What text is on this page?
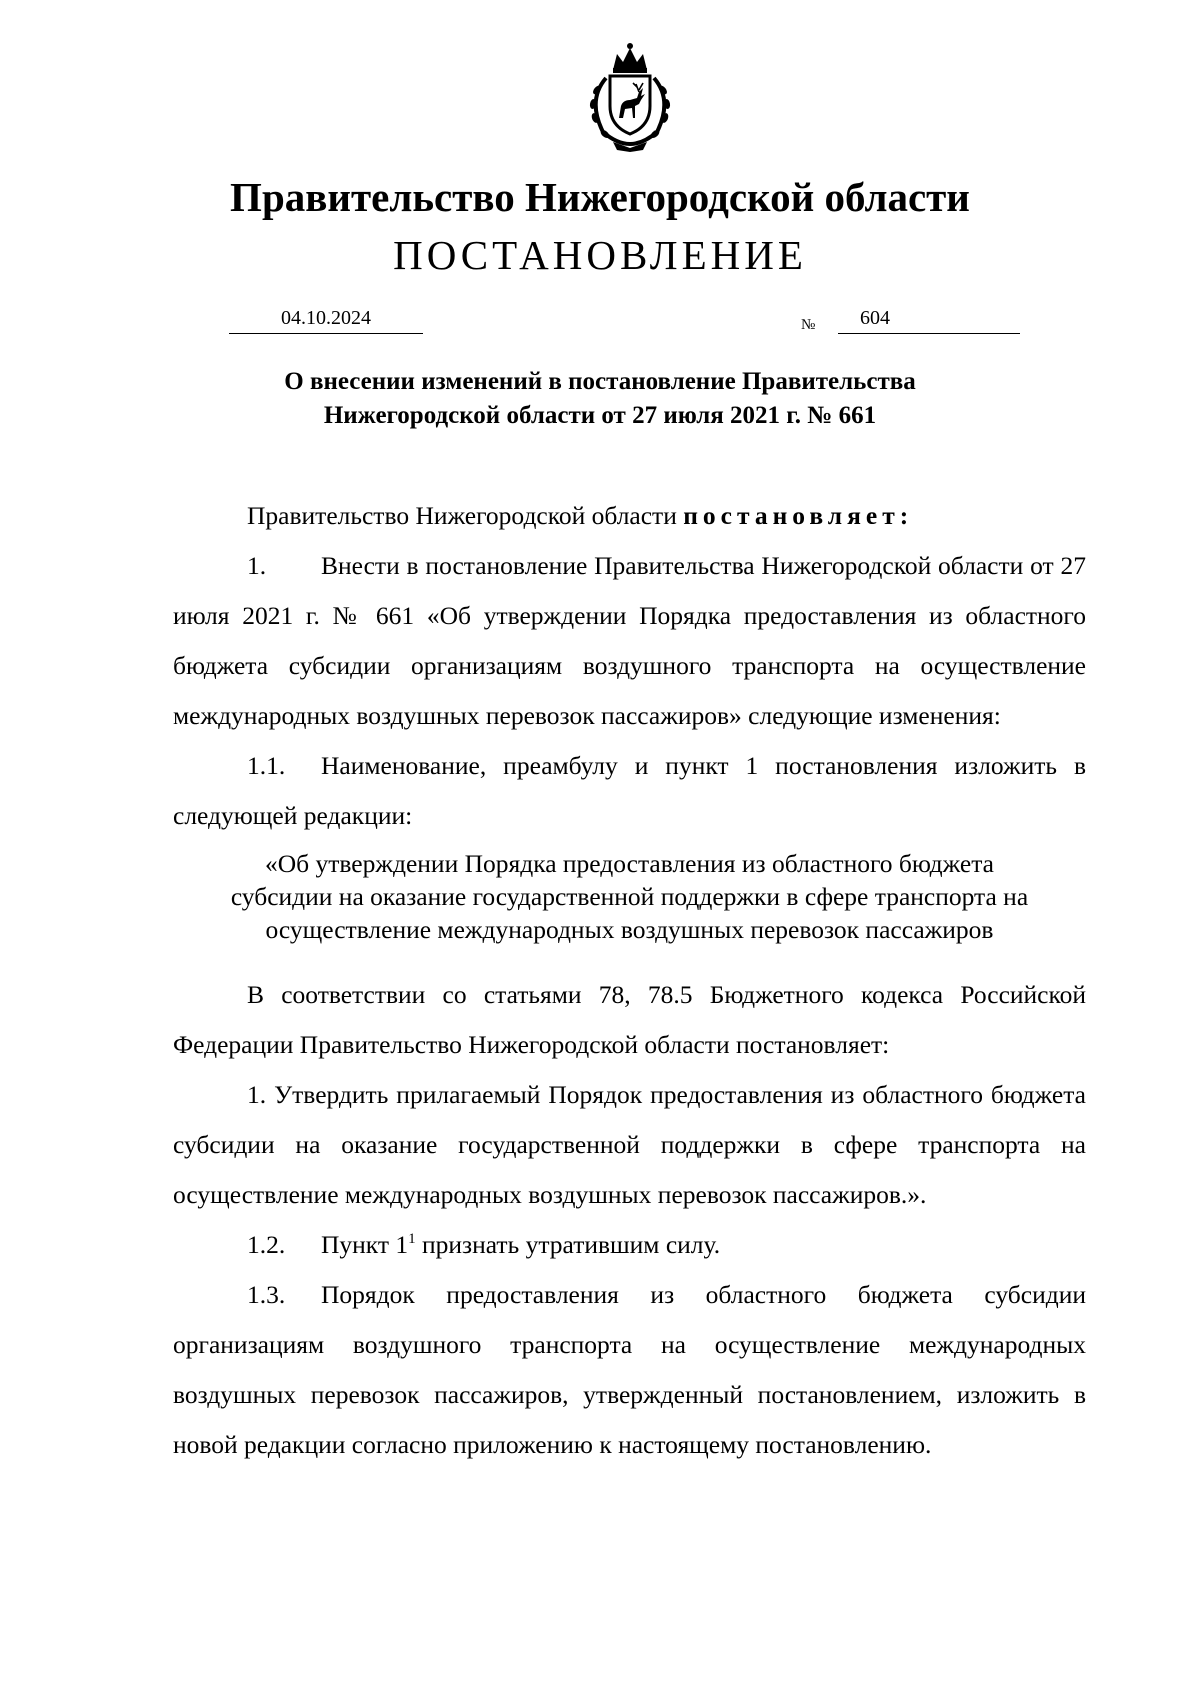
Правительство Нижегородской области
ПОСТАНОВЛЕНИЕ
04.10.2024	№	604
О внесении изменений в постановление Правительства
Нижегородской области от 27 июля 2021 г. № 661

Правительство Нижегородской области постановляет:

1. Внести в постановление Правительства Нижегородской области от 27 июля 2021 г. № 661 «Об утверждении Порядка предоставления из областного бюджета субсидии организациям воздушного транспорта на осуществление международных воздушных перевозок пассажиров» следующие изменения:

1.1. Наименование, преамбулу и пункт 1 постановления изложить в следующей редакции:

«Об утверждении Порядка предоставления из областного бюджета
субсидии на оказание государственной поддержки в сфере транспорта на
осуществление международных воздушных перевозок пассажиров

В соответствии со статьями 78, 78.5 Бюджетного кодекса Российской Федерации Правительство Нижегородской области постановляет:

1. Утвердить прилагаемый Порядок предоставления из областного бюджета субсидии на оказание государственной поддержки в сфере транспорта на осуществление международных воздушных перевозок пассажиров.».

1.2. Пункт $1^1$ признать утратившим силу.

1.3. Порядок предоставления из областного бюджета субсидии организациям воздушного транспорта на осуществление международных воздушных перевозок пассажиров, утвержденный постановлением, изложить в новой редакции согласно приложению к настоящему постановлению.
